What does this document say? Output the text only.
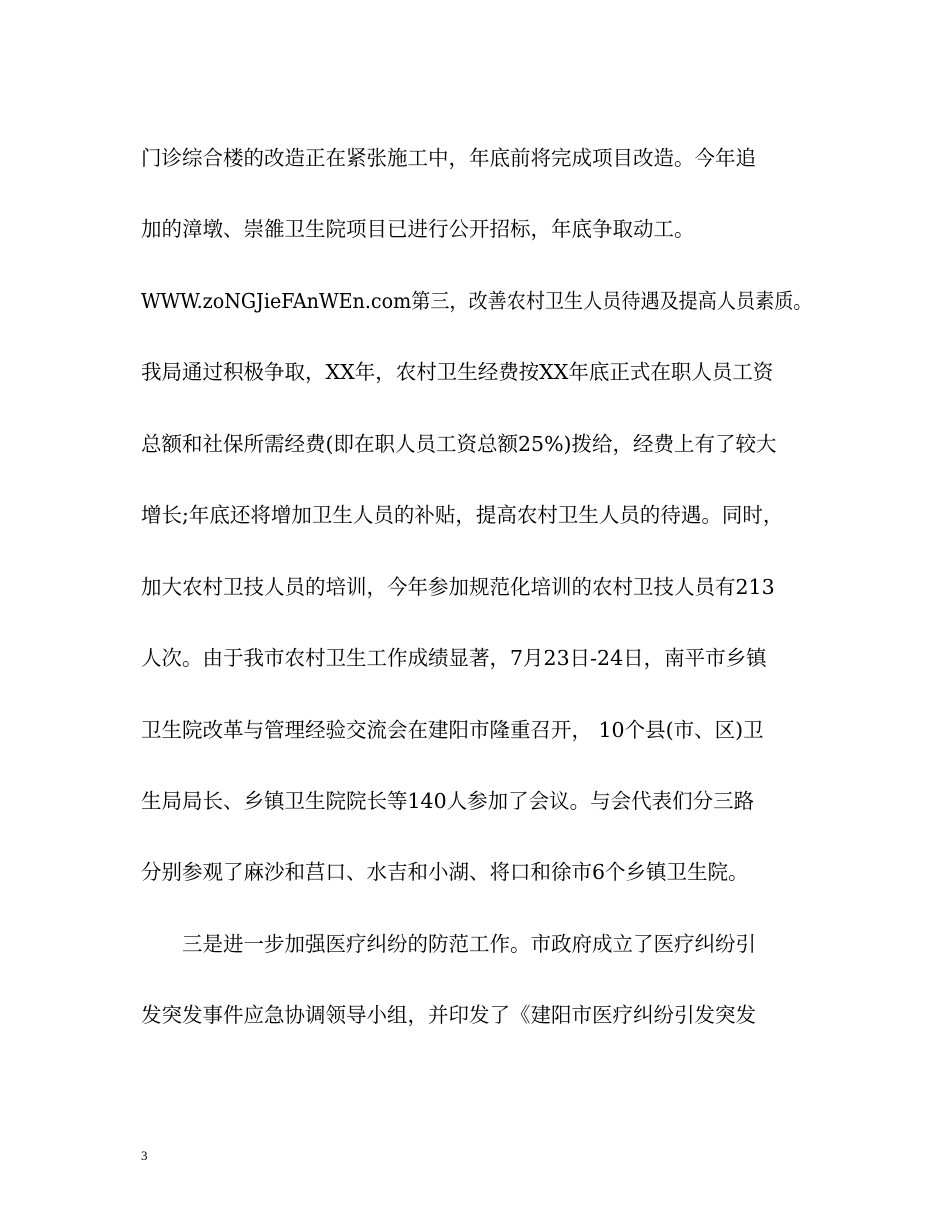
门诊综合楼的改造正在紧张施工中，年底前将完成项目改造。今年追
加的漳墩、崇雒卫生院项目已进行公开招标，年底争取动工。
WWW.zoNGJieFAnWEn.com第三，改善农村卫生人员待遇及提高人员素质。
我局通过积极争取，XX年，农村卫生经费按XX年底正式在职人员工资
总额和社保所需经费(即在职人员工资总额25%)拨给，经费上有了较大
增长;年底还将增加卫生人员的补贴，提高农村卫生人员的待遇。同时，
加大农村卫技人员的培训，今年参加规范化培训的农村卫技人员有213
人次。由于我市农村卫生工作成绩显著，7月23日-24日，南平市乡镇
卫生院改革与管理经验交流会在建阳市隆重召开， 10个县(市、区)卫
生局局长、乡镇卫生院院长等140人参加了会议。与会代表们分三路
分别参观了麻沙和莒口、水吉和小湖、将口和徐市6个乡镇卫生院。
三是进一步加强医疗纠纷的防范工作。市政府成立了医疗纠纷引
发突发事件应急协调领导小组，并印发了《建阳市医疗纠纷引发突发
3
